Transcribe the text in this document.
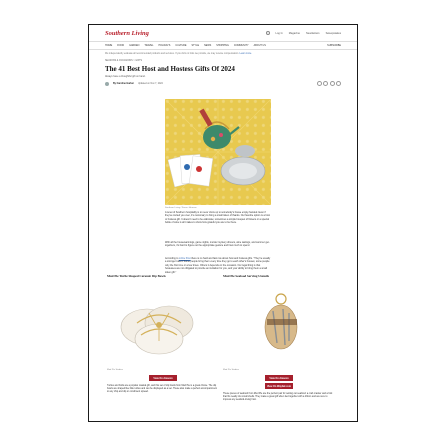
Southern Living	Log In Magazine Newsletters Sweepstakes
HOME FOOD GARDEN TRAVEL HOLIDAYS CULTURE STYLE NEWS SHOPPING COMMUNITY ABOUT US	SUBSCRIBE
We independently evaluate all recommended products and services. If you click on links we provide, we may receive compensation. Learn more.
SEASONS & OCCASIONS > GIFTS
The 41 Best Host and Hostess Gifts Of 2024
Always have a thoughtful gift on hand.
By Caroline Garber Updated on Nov 7, 2024
Southern Living / Ferne Johnson
A tenet of Southern hospitality is to never show up to somebody's house empty-handed. Even if they've invited you over, it's customary to bring a small token of thanks. Our favorite option is a host or hostess gift. It doesn't need to be elaborate; sometimes a simple bouquet of flowers or a special bottle of wine is all it takes to show how grateful you are to be there.
With all the housewarmings, game nights, murder mystery dinners, wine tastings, and summer get-togethers, it's hard to figure out the appropriate gesture and how much to spend.
According to Lizzie Post there is no hard and fast rule about host and hostess gifts. "They're usually a stronger token! Some people bring them every time they go to each other's houses; some people only the first time or a few times. Others it depends on the occasion. Our legal thing is that hostesses are not obligated to provide an invitation for you, and your ability to bring them a small token gift."
Mud Pie Turtle Shaped Ceramic Dip Bowls
Mud Pie Studios
View On Amazon
Turtles and birds are a popular coastal gift, and this set of dip bowls from Mud Pie is a great choice. The dip bowls are shaped like little turtles and can be displayed as a set. These also make a perfect accompaniment to any chip and dip or condiment spread.
Mud Pie Seafood Serving Utensils
Mud Pie Studios
View On Amazon
View On Wayfair.com
These pieces of seafood from Mud Pie are the perfect pair for setting out seafood: a crab cracker and a fork that fits neatly into small shells. They make a great gift when tied together with a ribbon and are sure to impress any seafood-loving host.
